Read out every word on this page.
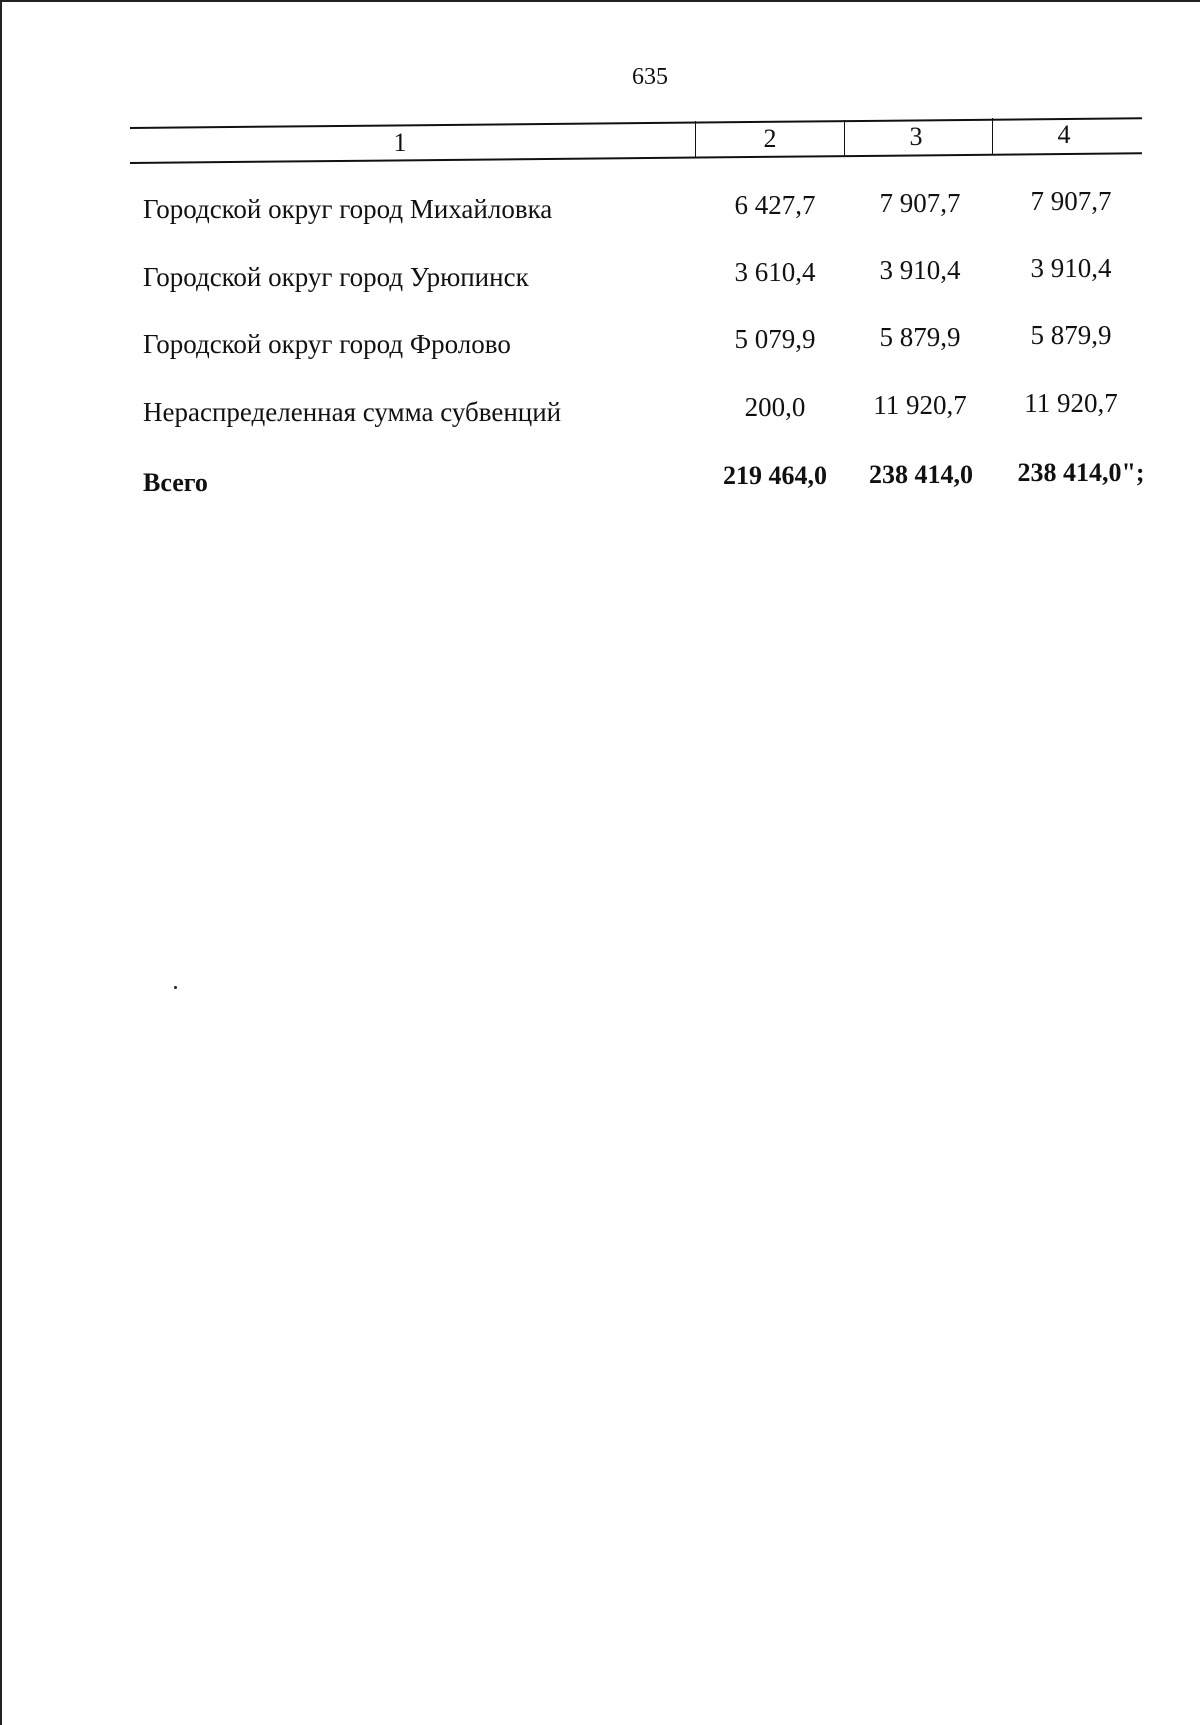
635
1	2	3	4
Городской округ город Михайловка	6 427,7	7 907,7	7 907,7
Городской округ город Урюпинск	3 610,4	3 910,4	3 910,4
Городской округ город Фролово	5 079,9	5 879,9	5 879,9
Нераспределенная сумма субвенций	200,0	11 920,7	11 920,7
Всего	219 464,0	238 414,0	238 414,0";
